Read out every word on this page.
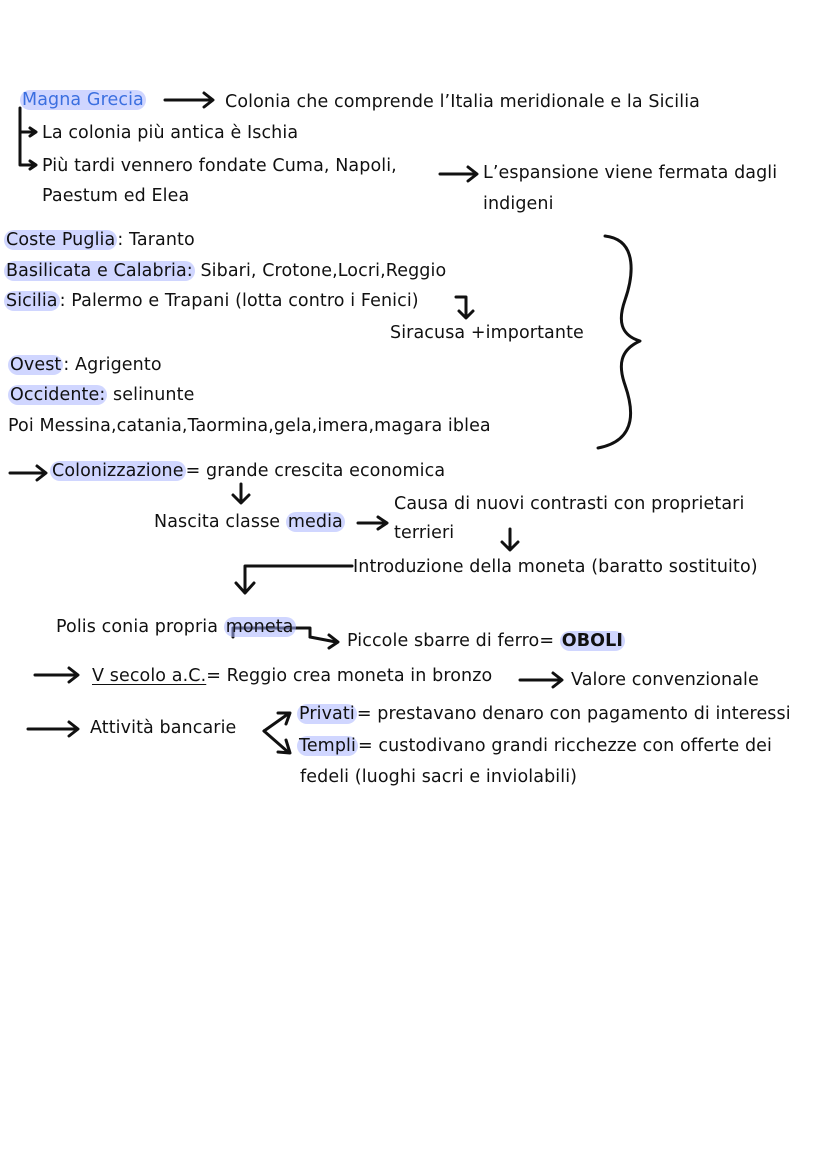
Magna Grecia	Colonia che comprende l’Italia meridionale e la Sicilia
La colonia più antica è Ischia
Più tardi vennero fondate Cuma, Napoli,
Paestum ed Elea
L’espansione viene fermata dagli
indigeni
Coste Puglia : Taranto
Basilicata e Calabria: Sibari, Crotone,Locri,Reggio
Sicilia : Palermo e Trapani (lotta contro i Fenici)
Siracusa +importante
Ovest : Agrigento
Occidente: selinunte
Poi Messina,catania,Taormina,gela,imera,magara iblea
Colonizzazione = grande crescita economica
Nascita classe media
Causa di nuovi contrasti con proprietari
terrieri
Introduzione della moneta (baratto sostituito)
Polis conia propria moneta
Piccole sbarre di ferro= OBOLI
V secolo a.C.= Reggio crea moneta in bronzo	Valore convenzionale
Attività bancarie
Privati = prestavano denaro con pagamento di interessi
Templi = custodivano grandi ricchezze con offerte dei
fedeli (luoghi sacri e inviolabili)
